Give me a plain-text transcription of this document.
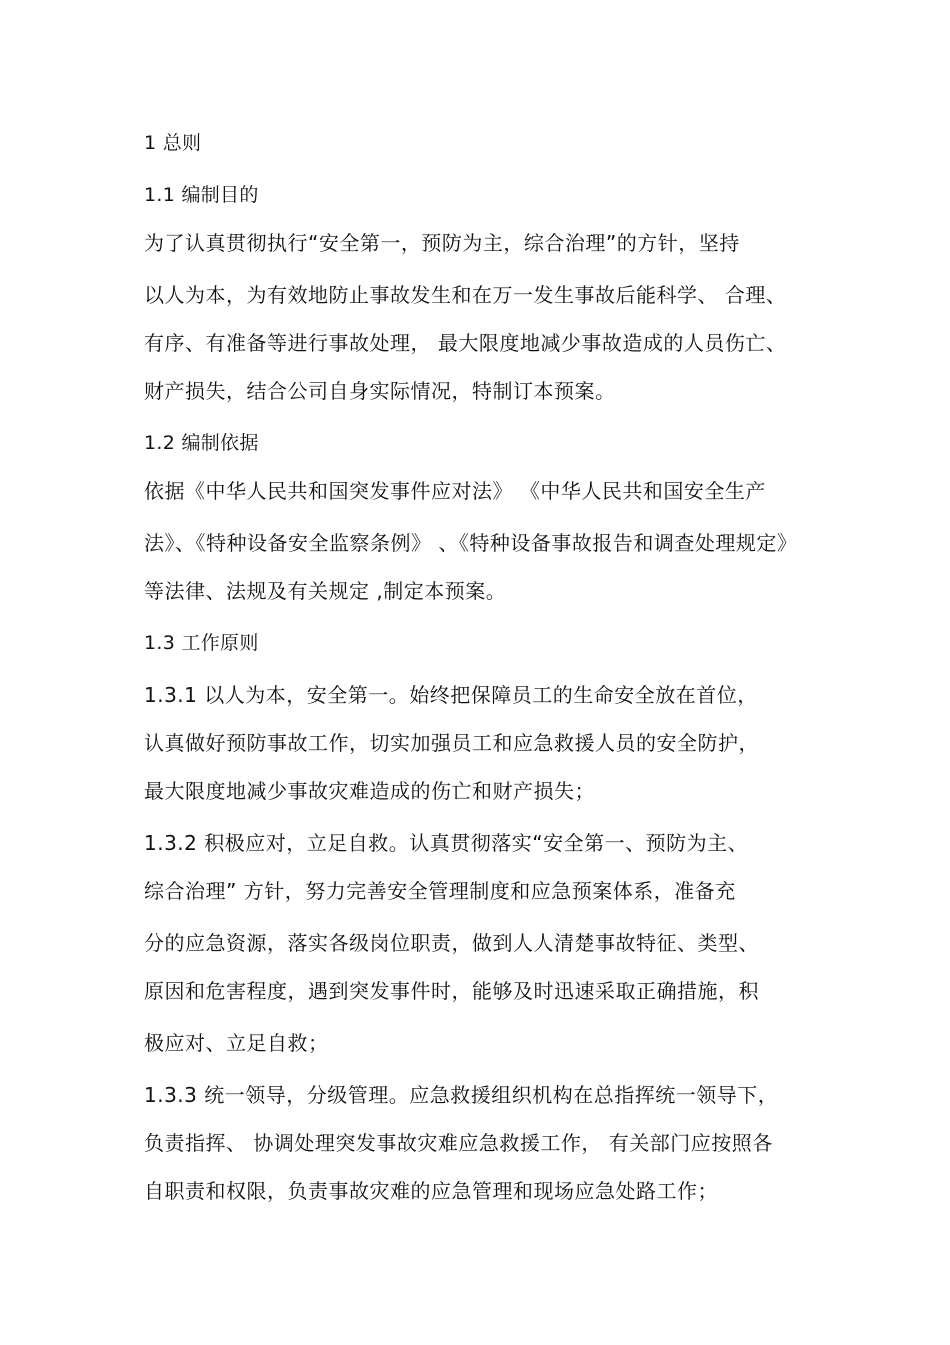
1 总则
1.1 编制目的
为了认真贯彻执行“安全第一，预防为主，综合治理”的方针，坚持
以人为本，为有效地防止事故发生和在万一发生事故后能科学、 合理、
有序、有准备等进行事故处理， 最大限度地减少事故造成的人员伤亡、
财产损失，结合公司自身实际情况，特制订本预案。
1.2 编制依据
依据《中华人民共和国突发事件应对法》 《中华人民共和国安全生产
法》、《特种设备安全监察条例》 、《特种设备事故报告和调查处理规定》
等法律、法规及有关规定 ,制定本预案。
1.3 工作原则
1.3.1 以人为本，安全第一。始终把保障员工的生命安全放在首位，
认真做好预防事故工作，切实加强员工和应急救援人员的安全防护，
最大限度地减少事故灾难造成的伤亡和财产损失；
1.3.2 积极应对，立足自救。认真贯彻落实“安全第一、预防为主、
综合治理” 方针，努力完善安全管理制度和应急预案体系，准备充
分的应急资源，落实各级岗位职责，做到人人清楚事故特征、类型、
原因和危害程度，遇到突发事件时，能够及时迅速采取正确措施，积
极应对、立足自救；
1.3.3 统一领导，分级管理。应急救援组织机构在总指挥统一领导下，
负责指挥、 协调处理突发事故灾难应急救援工作， 有关部门应按照各
自职责和权限，负责事故灾难的应急管理和现场应急处路工作；
